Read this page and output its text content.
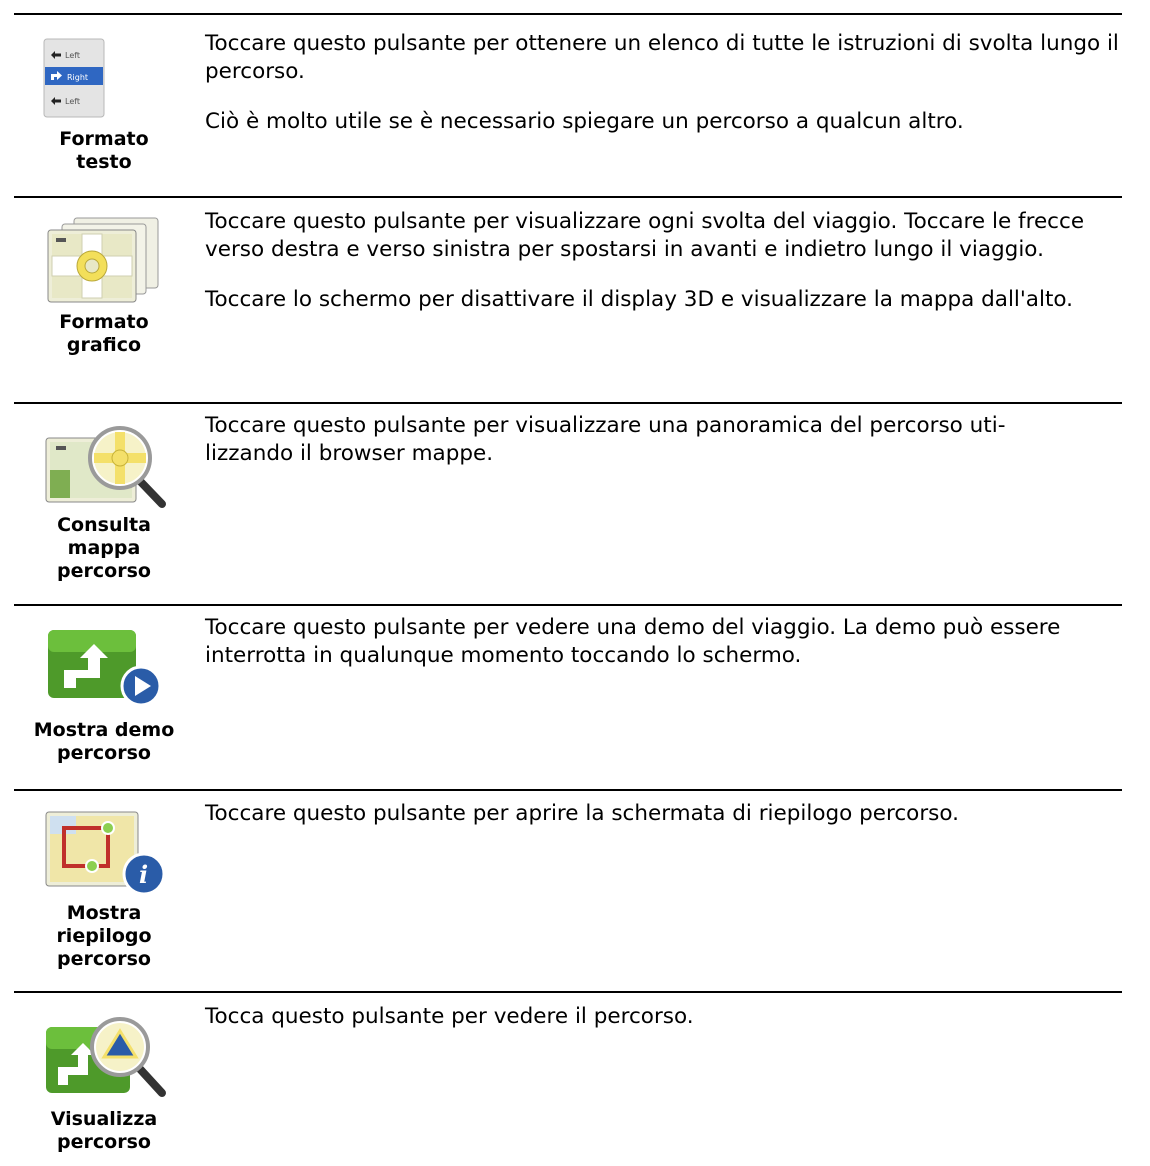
Left
Right
Left
Formato
testo

Toccare questo pulsante per ottenere un elenco di tutte le istruzioni di svolta lungo il percorso.

Ciò è molto utile se è necessario spiegare un percorso a qualcun altro.

Formato
grafico

Toccare questo pulsante per visualizzare ogni svolta del viaggio. Toccare le frecce verso destra e verso sinistra per spostarsi in avanti e indietro lungo il viaggio.

Toccare lo schermo per disattivare il display 3D e visualizzare la mappa dall'alto.

Consulta
mappa
percorso

Toccare questo pulsante per visualizzare una panoramica del percorso uti-
lizzando il browser mappe.

Mostra demo
percorso

Toccare questo pulsante per vedere una demo del viaggio. La demo può essere interrotta in qualunque momento toccando lo schermo.

i
Mostra
riepilogo
percorso

Toccare questo pulsante per aprire la schermata di riepilogo percorso.

Visualizza
percorso

Tocca questo pulsante per vedere il percorso.
